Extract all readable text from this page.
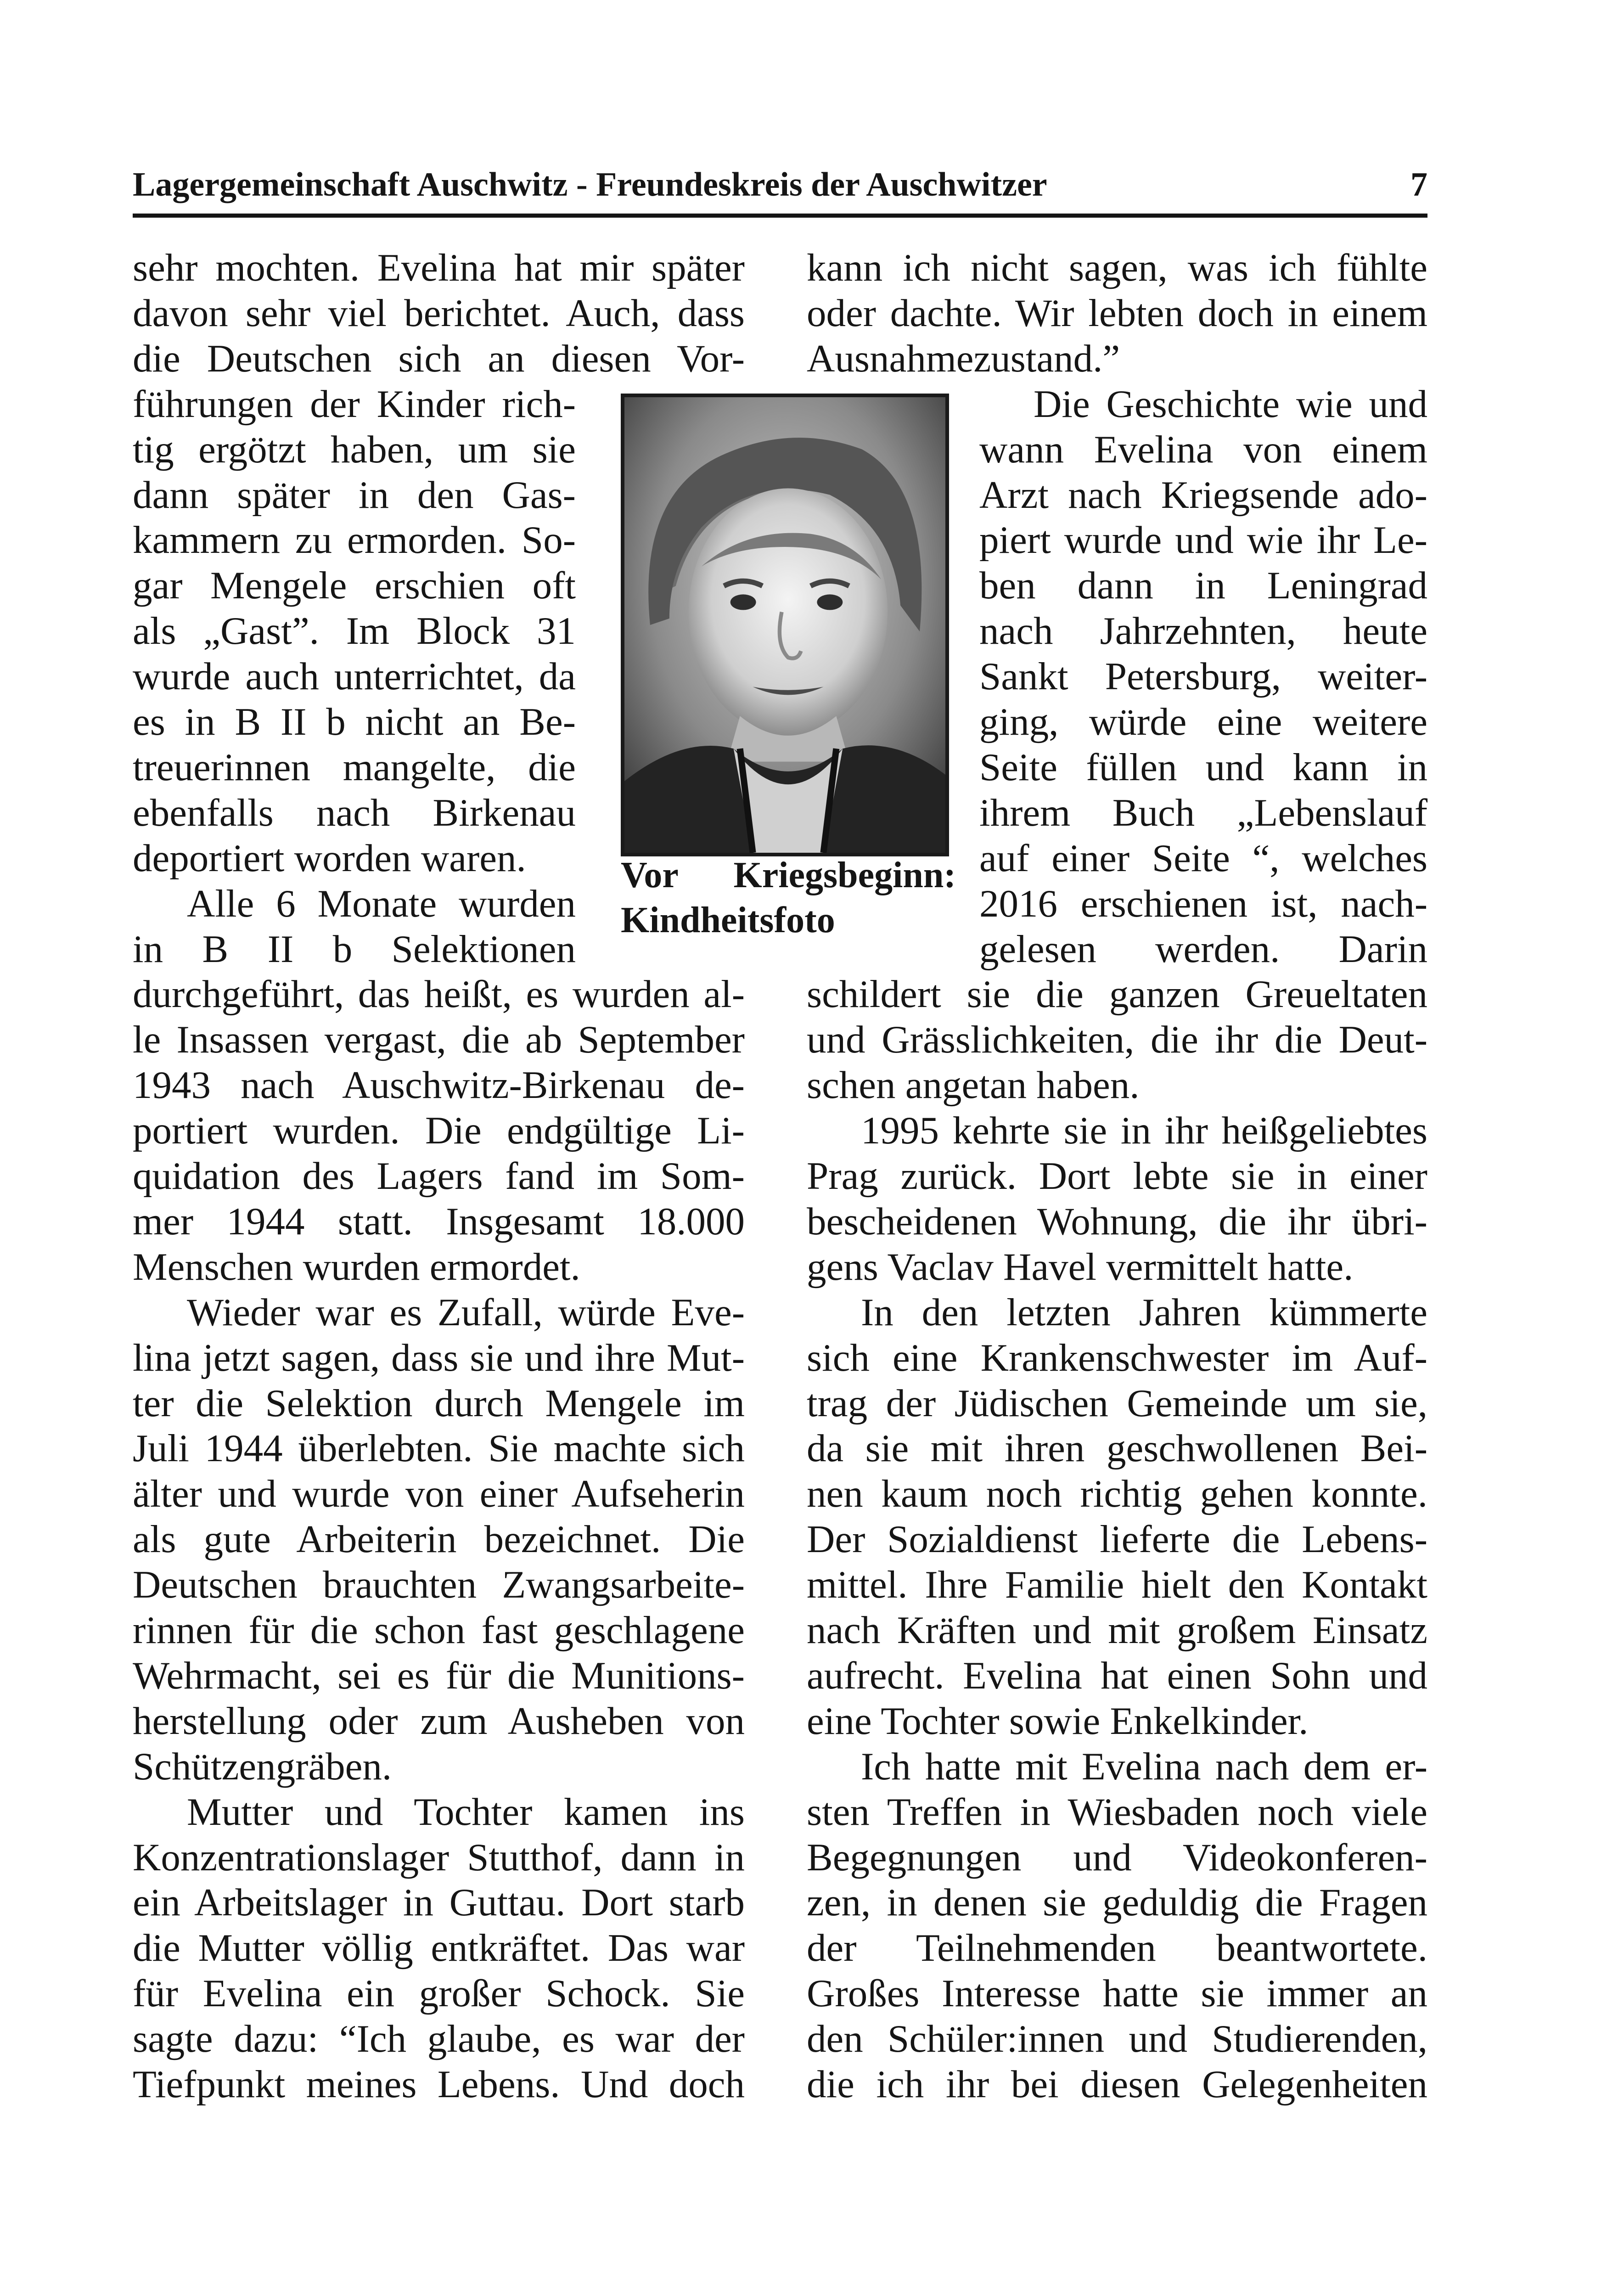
Lagergemeinschaft Auschwitz - Freundeskreis der Auschwitzer	7
sehr mochten. Evelina hat mir später
davon sehr viel berichtet. Auch, dass
die Deutschen sich an diesen Vor-
führungen der Kinder rich-
tig ergötzt haben, um sie
dann später in den Gas-
kammern zu ermorden. So-
gar Mengele erschien oft
als „Gast”. Im Block 31
wurde auch unterrichtet, da
es in B II b nicht an Be-
treuerinnen mangelte, die
ebenfalls nach Birkenau
deportiert worden waren.
Alle 6 Monate wurden
in B II b Selektionen
durchgeführt, das heißt, es wurden al-
le Insassen vergast, die ab September
1943 nach Auschwitz-Birkenau de-
portiert wurden. Die endgültige Li-
quidation des Lagers fand im Som-
mer 1944 statt. Insgesamt 18.000
Menschen wurden ermordet.
Wieder war es Zufall, würde Eve-
lina jetzt sagen, dass sie und ihre Mut-
ter die Selektion durch Mengele im
Juli 1944 überlebten. Sie machte sich
älter und wurde von einer Aufseherin
als gute Arbeiterin bezeichnet. Die
Deutschen brauchten Zwangsarbeite-
rinnen für die schon fast geschlagene
Wehrmacht, sei es für die Munitions-
herstellung oder zum Ausheben von
Schützengräben.
Mutter und Tochter kamen ins
Konzentrationslager Stutthof, dann in
ein Arbeitslager in Guttau. Dort starb
die Mutter völlig entkräftet. Das war
für Evelina ein großer Schock. Sie
sagte dazu: “Ich glaube, es war der
Tiefpunkt meines Lebens. Und doch
kann ich nicht sagen, was ich fühlte
oder dachte. Wir lebten doch in einem
Ausnahmezustand.”
Die Geschichte wie und
wann Evelina von einem
Arzt nach Kriegsende ado-
piert wurde und wie ihr Le-
ben dann in Leningrad
nach Jahrzehnten, heute
Sankt Petersburg, weiter-
ging, würde eine weitere
Seite füllen und kann in
ihrem Buch „Lebenslauf
auf einer Seite “, welches
2016 erschienen ist, nach-
gelesen werden. Darin
schildert sie die ganzen Greueltaten
und Grässlichkeiten, die ihr die Deut-
schen angetan haben.
1995 kehrte sie in ihr heißgeliebtes
Prag zurück. Dort lebte sie in einer
bescheidenen Wohnung, die ihr übri-
gens Vaclav Havel vermittelt hatte.
In den letzten Jahren kümmerte
sich eine Krankenschwester im Auf-
trag der Jüdischen Gemeinde um sie,
da sie mit ihren geschwollenen Bei-
nen kaum noch richtig gehen konnte.
Der Sozialdienst lieferte die Lebens-
mittel. Ihre Familie hielt den Kontakt
nach Kräften und mit großem Einsatz
aufrecht. Evelina hat einen Sohn und
eine Tochter sowie Enkelkinder.
Ich hatte mit Evelina nach dem er-
sten Treffen in Wiesbaden noch viele
Begegnungen und Videokonferen-
zen, in denen sie geduldig die Fragen
der Teilnehmenden beantwortete.
Großes Interesse hatte sie immer an
den Schüler:innen und Studierenden,
die ich ihr bei diesen Gelegenheiten
Vor Kriegsbeginn:
Kindheitsfoto
